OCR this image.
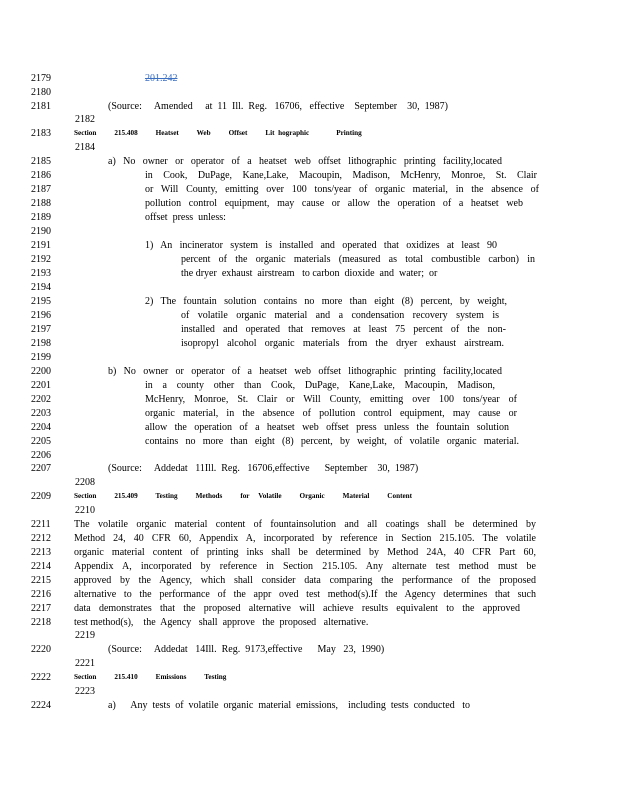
2179	201.242
2180
2181	(Source:     Amended     at  11  Ill.  Reg.   16706,   effective    September    30,  1987)
2182
2183	Section          215.408          Heatset          Web          Offset          Lit  hographic               Printing
2184
2185	a) No owner or operator of a heatset web offset lithographic printing facility,located
2186	in Cook, DuPage, Kane,Lake, Macoupin, Madison, McHenry, Monroe, St. Clair
2187	or Will County, emitting over 100 tons/year of organic material, in the absence of
2188	pollution control equipment, may cause or allow the operation of a heatset web
2189	offset  press  unless:
2190
2191	1) An incinerator system is installed and operated that oxidizes at least 90
2192	percent of the organic materials (measured as total combustible carbon) in
2193	the dryer  exhaust  airstream   to carbon  dioxide  and  water;  or
2194
2195	2) The fountain solution contains no more than eight (8) percent, by weight,
2196	of volatile organic material and a condensation recovery system is
2197	installed and operated that removes at least 75 percent of the non-
2198	isopropyl alcohol organic materials from the dryer exhaust airstream.
2199
2200	b) No owner or operator of a heatset web offset lithographic printing facility,located
2201	in a county other than Cook, DuPage, Kane,Lake, Macoupin, Madison,
2202	McHenry, Monroe, St. Clair or Will County, emitting over 100 tons/year of
2203	organic material, in the absence of pollution control equipment, may cause or
2204	allow the operation of a heatset web offset press unless the fountain solution
2205	contains no more than eight (8) percent, by weight, of volatile organic material.
2206
2207	(Source:     Addedat   11Ill.  Reg.   16706,effective      September    30,  1987)
2208
2209	Section          215.409          Testing          Methods          for     Volatile          Organic          Material          Content
2210
2211	The volatile organic material content of fountainsolution and all coatings shall be determined by
2212	Method 24, 40 CFR 60, Appendix A, incorporated by reference in Section 215.105. The volatile
2213	organic material content of printing inks shall be determined by Method 24A, 40 CFR Part 60,
2214	Appendix A, incorporated by reference in Section 215.105. Any alternate test method must be
2215	approved by the Agency, which shall consider data comparing the performance of the proposed
2216	alternative to the performance of the appr oved test method(s).If the Agency determines that such
2217	data demonstrates that the proposed alternative will achieve results equivalent to the approved
2218	test method(s),    the  Agency   shall  approve   the  proposed   alternative.
2219
2220	(Source:     Addedat   14Ill.  Reg.  9173,effective      May   23,  1990)
2221
2222	Section          215.410          Emissions          Testing
2223
2224	a)      Any  tests  of  volatile  organic  material  emissions,    including  tests  conducted   to
